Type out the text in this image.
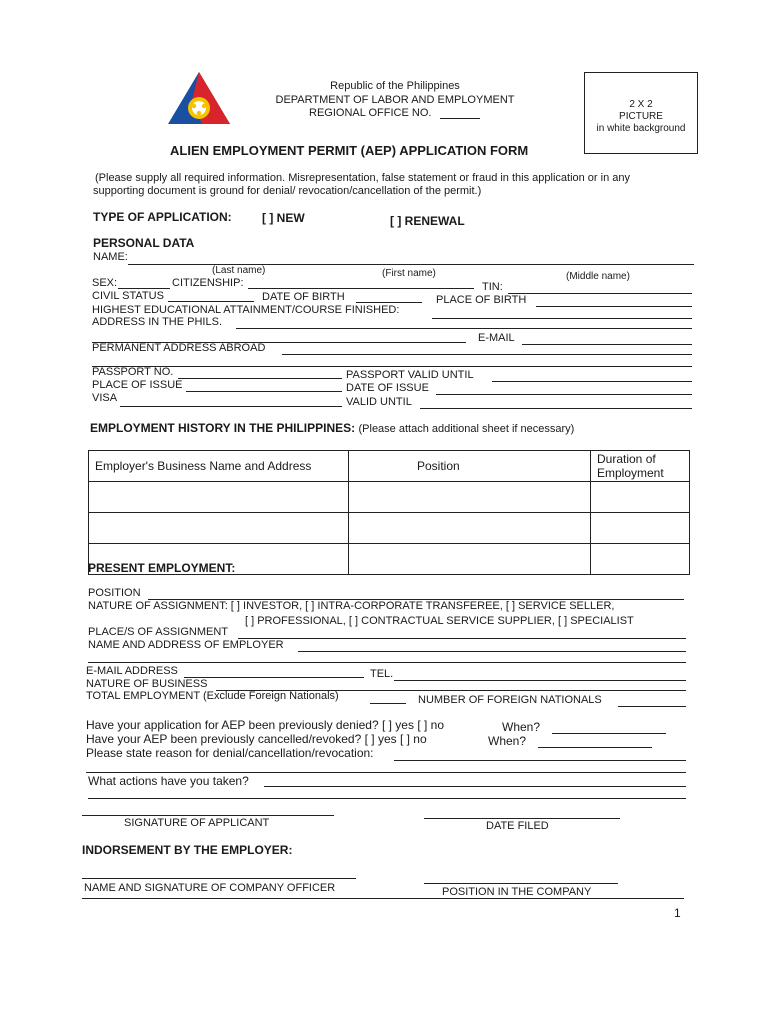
Republic of the Philippines
DEPARTMENT OF LABOR AND EMPLOYMENT
REGIONAL OFFICE NO.
2 X 2
PICTURE
in white background
ALIEN EMPLOYMENT PERMIT (AEP) APPLICATION FORM
(Please supply all required information. Misrepresentation, false statement or fraud in this application or in any
supporting document is ground for denial/ revocation/cancellation of the permit.)
TYPE OF APPLICATION:	[ ] NEW	[ ] RENEWAL
PERSONAL DATA
NAME:
(Last name)	(First name)	(Middle name)
SEX:	CITIZENSHIP:	TIN:
CIVIL STATUS	DATE OF BIRTH	PLACE OF BIRTH
HIGHEST EDUCATIONAL ATTAINMENT/COURSE FINISHED:
ADDRESS IN THE PHILS.
E-MAIL
PERMANENT ADDRESS ABROAD
PASSPORT NO.	PASSPORT VALID UNTIL
PLACE OF ISSUE	DATE OF ISSUE
VISA	VALID UNTIL
EMPLOYMENT HISTORY IN THE PHILIPPINES: (Please attach additional sheet if necessary)
Employer's Business Name and Address	Position	Duration of Employment

PRESENT EMPLOYMENT:
POSITION
NATURE OF ASSIGNMENT: [ ] INVESTOR, [ ] INTRA-CORPORATE TRANSFEREE, [ ] SERVICE SELLER,
[ ] PROFESSIONAL, [ ] CONTRACTUAL SERVICE SUPPLIER, [ ] SPECIALIST
PLACE/S OF ASSIGNMENT
NAME AND ADDRESS OF EMPLOYER
E-MAIL ADDRESS	TEL.
NATURE OF BUSINESS
TOTAL EMPLOYMENT (Exclude Foreign Nationals)	NUMBER OF FOREIGN NATIONALS
Have your application for AEP been previously denied? [ ] yes [ ] no	When?
Have your AEP been previously cancelled/revoked? [ ] yes [ ] no	When?
Please state reason for denial/cancellation/revocation:
What actions have you taken?
SIGNATURE OF APPLICANT	DATE FILED
INDORSEMENT BY THE EMPLOYER:
NAME AND SIGNATURE OF COMPANY OFFICER	POSITION IN THE COMPANY
1
